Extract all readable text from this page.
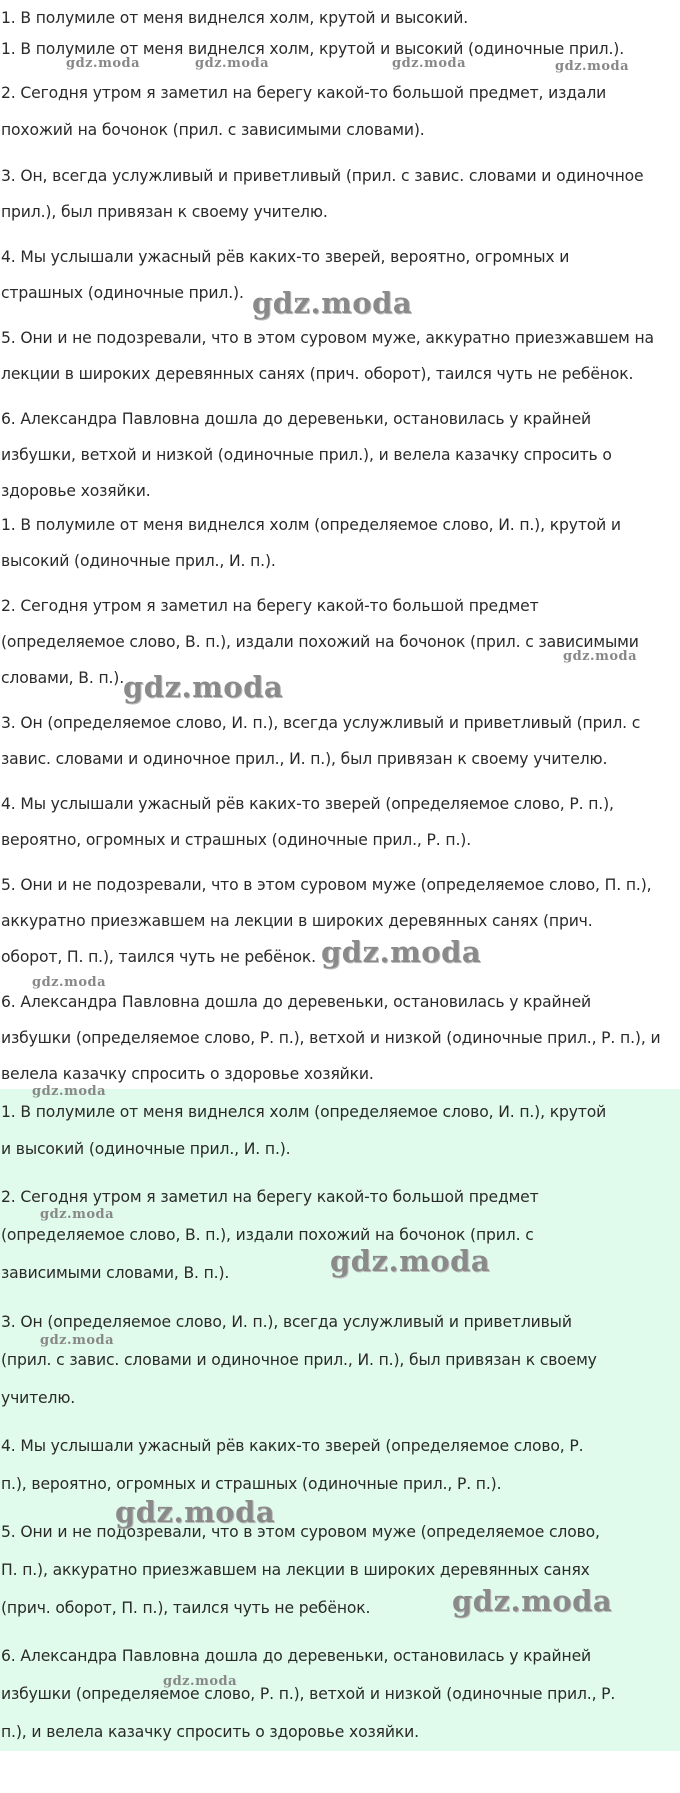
1. В полумиле от меня виднелся холм, крутой и высокий.

1. В полумиле от меня виднелся холм, крутой и высокий (одиночные прил.).

2. Сегодня утром я заметил на берегу какой-то большой предмет, издали

похожий на бочонок (прил. с зависимыми словами).

3. Он, всегда услужливый и приветливый (прил. с завис. словами и одиночное

прил.), был привязан к своему учителю.

4. Мы услышали ужасный рёв каких-то зверей, вероятно, огромных и

страшных (одиночные прил.).

5. Они и не подозревали, что в этом суровом муже, аккуратно приезжавшем на

лекции в широких деревянных санях (прич. оборот), таился чуть не ребёнок.

6. Александра Павловна дошла до деревеньки, остановилась у крайней

избушки, ветхой и низкой (одиночные прил.), и велела казачку спросить о

здоровье хозяйки.

1. В полумиле от меня виднелся холм (определяемое слово, И. п.), крутой и

высокий (одиночные прил., И. п.).

2. Сегодня утром я заметил на берегу какой-то большой предмет

(определяемое слово, В. п.), издали похожий на бочонок (прил. с зависимыми

словами, В. п.).

3. Он (определяемое слово, И. п.), всегда услужливый и приветливый (прил. с

завис. словами и одиночное прил., И. п.), был привязан к своему учителю.

4. Мы услышали ужасный рёв каких-то зверей (определяемое слово, Р. п.),

вероятно, огромных и страшных (одиночные прил., Р. п.).

5. Они и не подозревали, что в этом суровом муже (определяемое слово, П. п.),

аккуратно приезжавшем на лекции в широких деревянных санях (прич.

оборот, П. п.), таился чуть не ребёнок.

6. Александра Павловна дошла до деревеньки, остановилась у крайней

избушки (определяемое слово, Р. п.), ветхой и низкой (одиночные прил., Р. п.), и

велела казачку спросить о здоровье хозяйки.

1. В полумиле от меня виднелся холм (определяемое слово, И. п.), крутой

и высокий (одиночные прил., И. п.).

2. Сегодня утром я заметил на берегу какой-то большой предмет

(определяемое слово, В. п.), издали похожий на бочонок (прил. с

зависимыми словами, В. п.).

3. Он (определяемое слово, И. п.), всегда услужливый и приветливый

(прил. с завис. словами и одиночное прил., И. п.), был привязан к своему

учителю.

4. Мы услышали ужасный рёв каких-то зверей (определяемое слово, Р.

п.), вероятно, огромных и страшных (одиночные прил., Р. п.).

5. Они и не подозревали, что в этом суровом муже (определяемое слово,

П. п.), аккуратно приезжавшем на лекции в широких деревянных санях

(прич. оборот, П. п.), таился чуть не ребёнок.

6. Александра Павловна дошла до деревеньки, остановилась у крайней

избушки (определяемое слово, Р. п.), ветхой и низкой (одиночные прил., Р.

п.), и велела казачку спросить о здоровье хозяйки.

gdz.moda	gdz.moda	gdz.moda	gdz.moda
gdz.moda
gdz.moda
gdz.moda
gdz.moda
gdz.moda
gdz.moda
gdz.moda
gdz.moda
gdz.moda
gdz.moda
gdz.moda
gdz.moda
